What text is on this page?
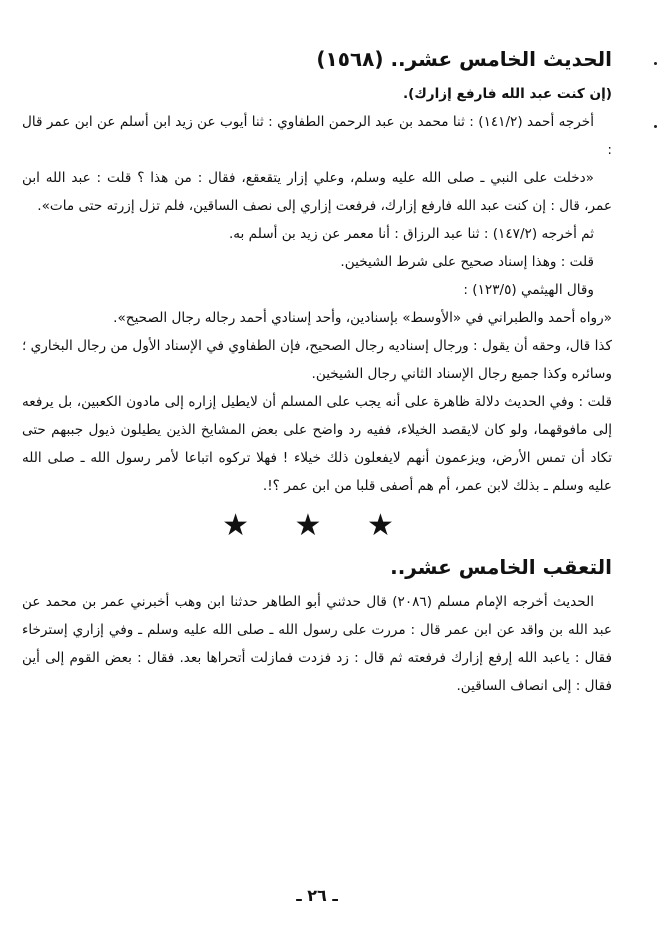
الحديث الخامس عشر.. (١٥٦٨)

(إن كنت عبد الله فارفع إزارك).

أخرجه أحمد (١٤١/٢) : ثنا محمد بن عبد الرحمن الطفاوي : ثنا أيوب عن زيد ابن أسلم عن ابن عمر قال :

«دخلت على النبي ـ صلى الله عليه وسلم، وعلي إزار يتقعقع، فقال : من هذا ؟ قلت : عبد الله ابن عمر، قال : إن كنت عبد الله فارفع إزارك، فرفعت إزاري إلى نصف الساقين، فلم تزل إزرته حتى مات».

ثم أخرجه (١٤٧/٢) : ثنا عبد الرزاق : أنا معمر عن زيد بن أسلم به.

قلت : وهذا إسناد صحيح على شرط الشيخين.

وقال الهيثمي (١٢٣/٥) :

«رواه أحمد والطبراني في «الأوسط» بإسنادين، وأحد إسنادي أحمد رجاله رجال الصحيح».

كذا قال، وحقه أن يقول : ورجال إسناديه رجال الصحيح، فإن الطفاوي في الإسناد الأول من رجال البخاري ؛ وسائره وكذا جميع رجال الإسناد الثاني رجال الشيخين.

قلت : وفي الحديث دلالة ظاهرة على أنه يجب على المسلم أن لايطيل إزاره إلى مادون الكعبين، بل يرفعه إلى مافوقهما، ولو كان لايقصد الخيلاء، ففيه رد واضح على بعض المشايخ الذين يطيلون ذيول جببهم حتى تكاد أن تمس الأرض، ويزعمون أنهم لايفعلون ذلك خيلاء ! فهلا تركوه اتباعا لأمر رسول الله ـ صلى الله عليه وسلم ـ بذلك لابن عمر، أم هم أصفى قلبا من ابن عمر ؟!.

★ ★ ★
التعقب الخامس عشر..

الحديث أخرجه الإمام مسلم (٢٠٨٦) قال حدثني أبو الطاهر حدثنا ابن وهب أخبرني عمر بن محمد عن عبد الله بن واقد عن ابن عمر قال : مررت على رسول الله ـ صلى الله عليه وسلم ـ وفي إزاري إسترخاء فقال : ياعبد الله إرفع إزارك فرفعته ثم قال : زد فزدت فمازلت أتحراها بعد. فقال : بعض القوم إلى أين فقال : إلى انصاف الساقين.

ـ ٢٦ ـ
